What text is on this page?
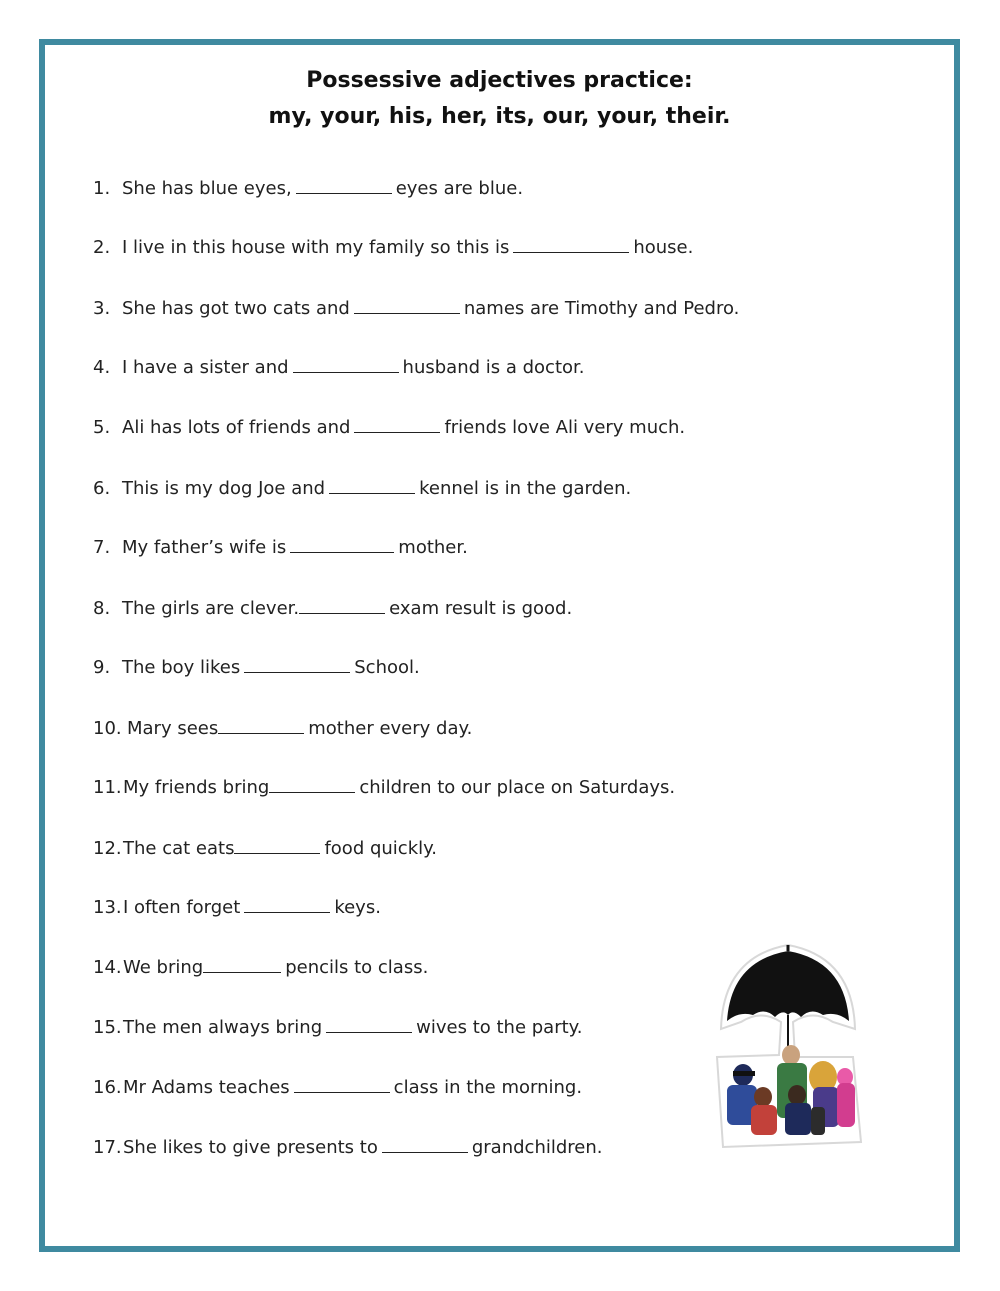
Possessive adjectives practice:
my, your, his, her, its, our, your, their.
1. She has blue eyes,	eyes are blue.
2. I live in this house with my family so this is	house.
3. She has got two cats and	names are Timothy and Pedro.
4. I have a sister and	husband is a doctor.
5. Ali has lots of friends and	friends love Ali very much.
6. This is my dog Joe and	kennel is in the garden.
7. My father’s wife is	mother.
8. The girls are clever.	exam result is good.
9. The boy likes	School.
10. Mary sees	mother every day.
11.My friends bring	children to our place on Saturdays.
12.The cat eats	food quickly.
13.I often forget	keys.
14.We bring	pencils to class.
15.The men always bring	wives to the party.
16.Mr Adams teaches	class in the morning.
17.She likes to give presents to	grandchildren.
